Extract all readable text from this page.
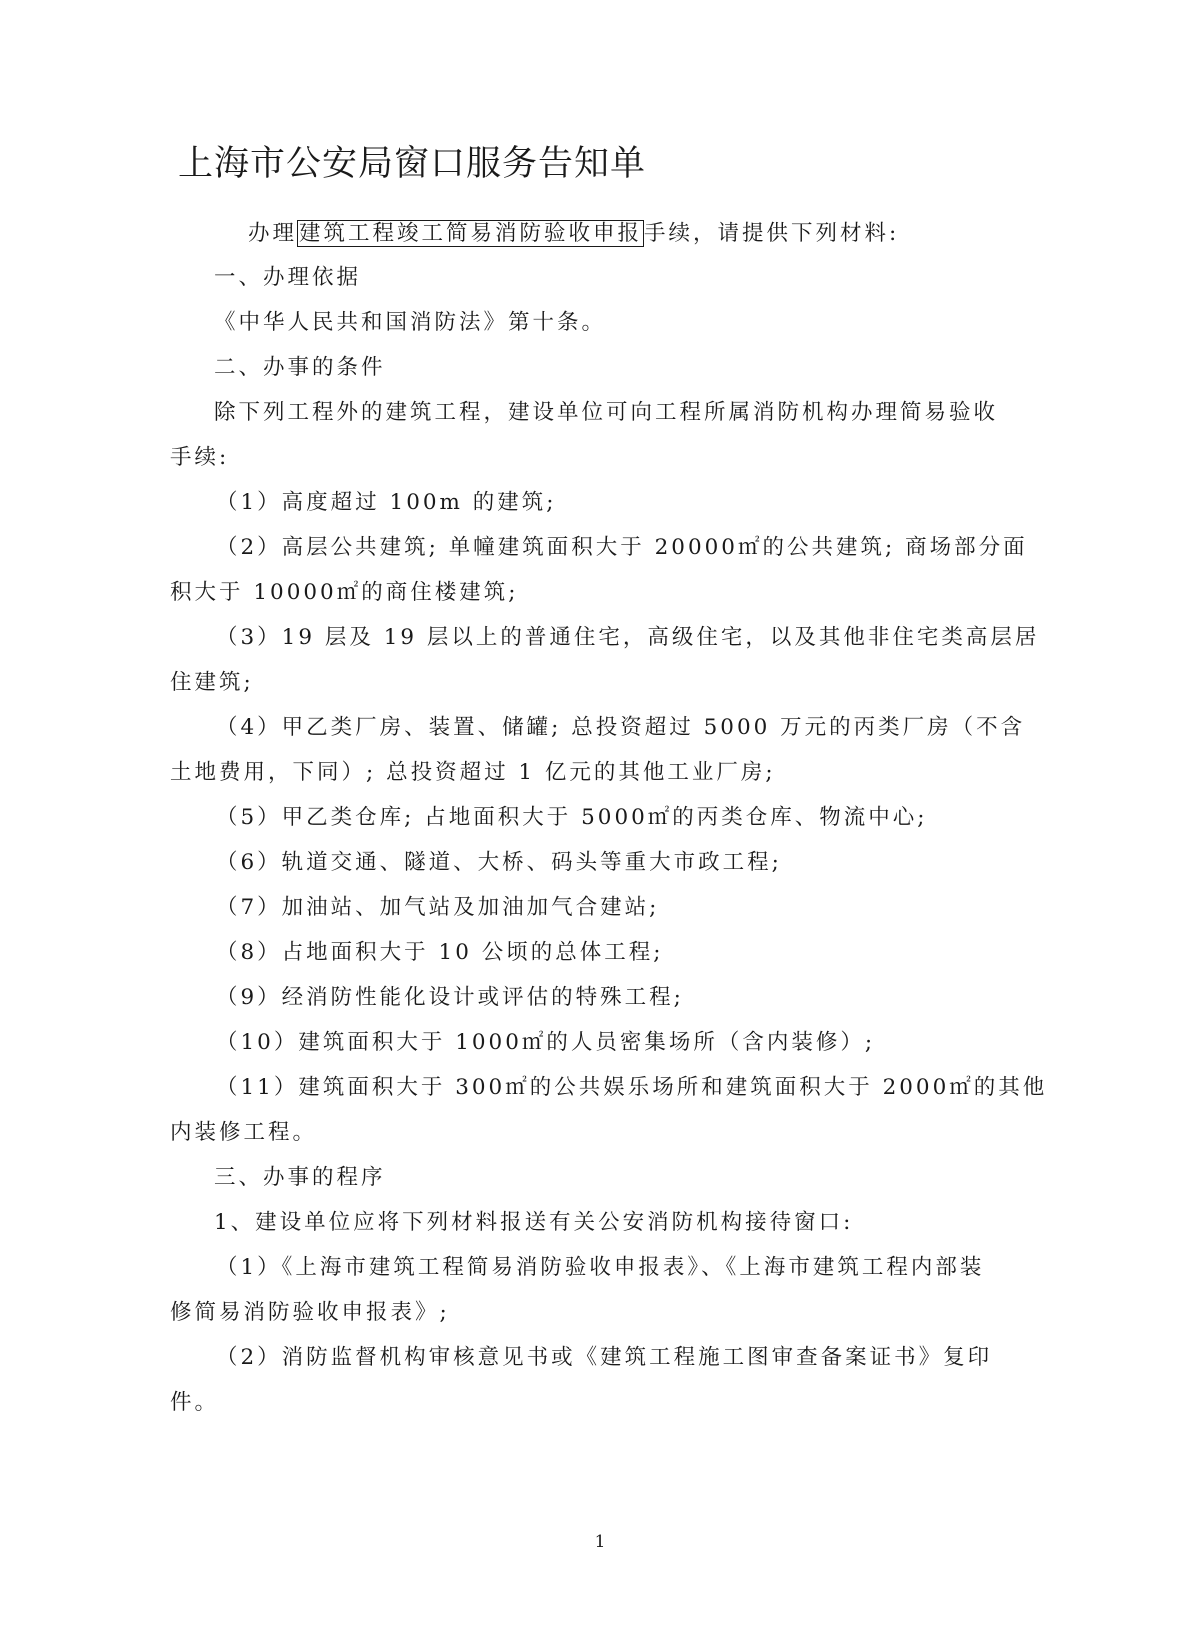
上海市公安局窗口服务告知单
办理建筑工程竣工简易消防验收申报手续，请提供下列材料:
一、办理依据
《中华人民共和国消防法》第十条。
二、办事的条件
除下列工程外的建筑工程，建设单位可向工程所属消防机构办理简易验收
手续:
（1）高度超过 100m 的建筑;
（2）高层公共建筑; 单幢建筑面积大于 20000㎡的公共建筑; 商场部分面
积大于 10000㎡的商住楼建筑;
（3）19 层及 19 层以上的普通住宅，高级住宅，以及其他非住宅类高层居
住建筑;
（4）甲乙类厂房、装置、储罐; 总投资超过 5000 万元的丙类厂房（不含
土地费用，下同）; 总投资超过 1 亿元的其他工业厂房;
（5）甲乙类仓库; 占地面积大于 5000㎡的丙类仓库、物流中心;
（6）轨道交通、隧道、大桥、码头等重大市政工程;
（7）加油站、加气站及加油加气合建站;
（8）占地面积大于 10 公顷的总体工程;
（9）经消防性能化设计或评估的特殊工程;
（10）建筑面积大于 1000㎡的人员密集场所（含内装修）;
（11）建筑面积大于 300㎡的公共娱乐场所和建筑面积大于 2000㎡的其他
内装修工程。
三、办事的程序
1、建设单位应将下列材料报送有关公安消防机构接待窗口:
（1）《上海市建筑工程简易消防验收申报表》、《上海市建筑工程内部装
修简易消防验收申报表》;
（2）消防监督机构审核意见书或《建筑工程施工图审查备案证书》复印
件。
1
